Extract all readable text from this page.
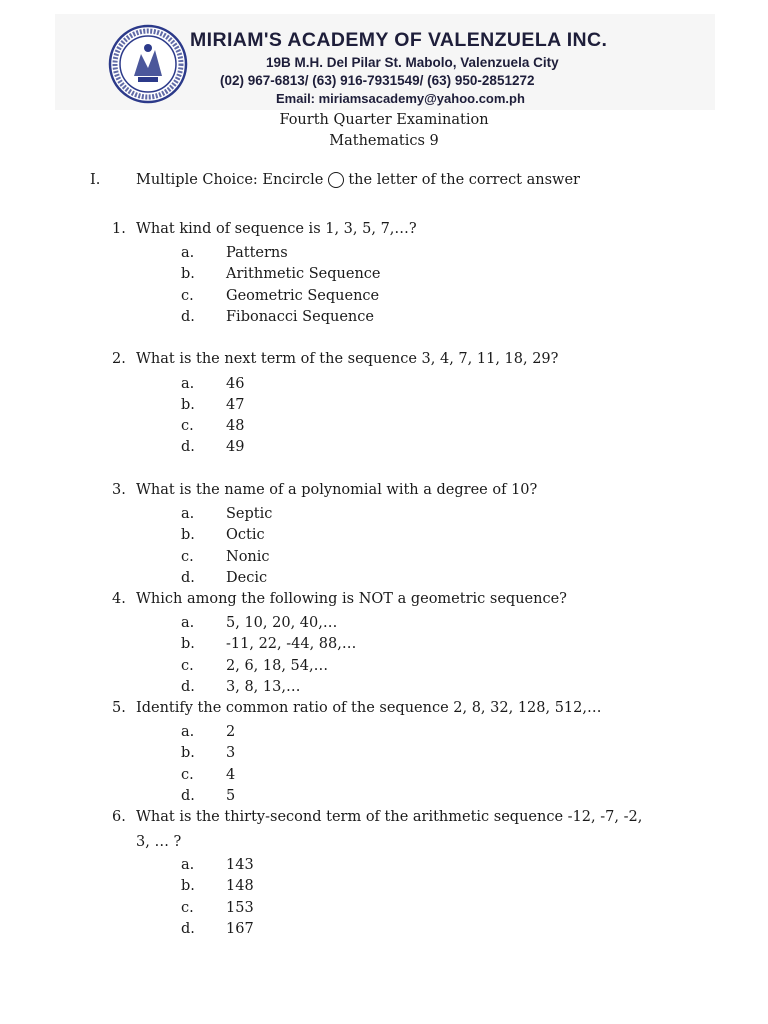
MIRIAM'S ACADEMY OF VALENZUELA INC.
19B M.H. Del Pilar St. Mabolo, Valenzuela City
(02) 967-6813/ (63) 916-7931549/ (63) 950-2851272
Email: miriamsacademy@yahoo.com.ph
Fourth Quarter Examination
Mathematics 9
I. Multiple Choice: Encircle the letter of the correct answer
1. What kind of sequence is 1, 3, 5, 7,…?
a. Patterns
b. Arithmetic Sequence
c. Geometric Sequence
d. Fibonacci Sequence
2. What is the next term of the sequence 3, 4, 7, 11, 18, 29?
a. 46
b. 47
c. 48
d. 49
3. What is the name of a polynomial with a degree of 10?
a. Septic
b. Octic
c. Nonic
d. Decic
4. Which among the following is NOT a geometric sequence?
a. 5, 10, 20, 40,…
b. -11, 22, -44, 88,…
c. 2, 6, 18, 54,…
d. 3, 8, 13,…
5. Identify the common ratio of the sequence 2, 8, 32, 128, 512,…
a. 2
b. 3
c. 4
d. 5
6. What is the thirty-second term of the arithmetic sequence -12, -7, -2,
3, … ?
a. 143
b. 148
c. 153
d. 167
